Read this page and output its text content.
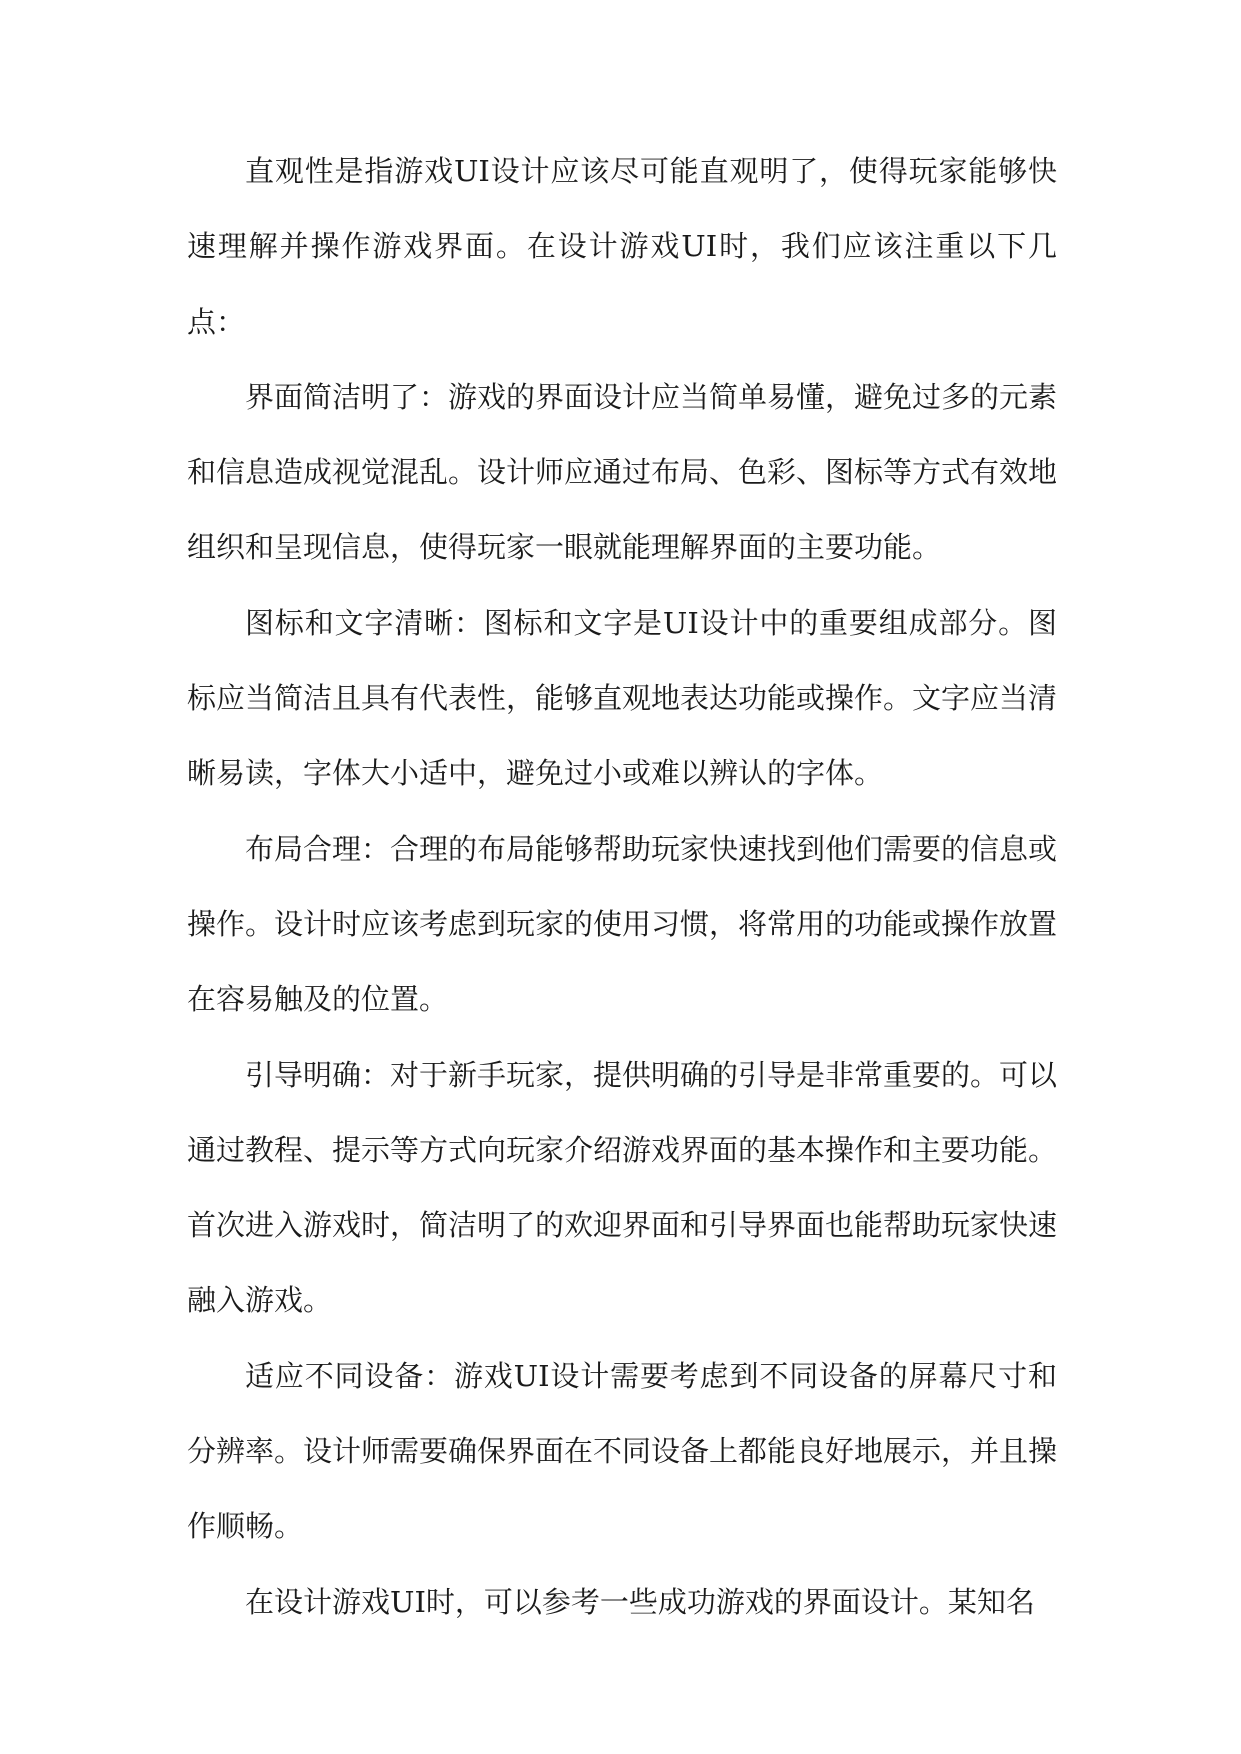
直观性是指游戏UI设计应该尽可能直观明了，使得玩家能够快速理解并操作游戏界面。在设计游戏UI时，我们应该注重以下几点：

界面简洁明了：游戏的界面设计应当简单易懂，避免过多的元素和信息造成视觉混乱。设计师应通过布局、色彩、图标等方式有效地组织和呈现信息，使得玩家一眼就能理解界面的主要功能。

图标和文字清晰：图标和文字是UI设计中的重要组成部分。图标应当简洁且具有代表性，能够直观地表达功能或操作。文字应当清晰易读，字体大小适中，避免过小或难以辨认的字体。

布局合理：合理的布局能够帮助玩家快速找到他们需要的信息或操作。设计时应该考虑到玩家的使用习惯，将常用的功能或操作放置在容易触及的位置。

引导明确：对于新手玩家，提供明确的引导是非常重要的。可以通过教程、提示等方式向玩家介绍游戏界面的基本操作和主要功能。首次进入游戏时，简洁明了的欢迎界面和引导界面也能帮助玩家快速融入游戏。

适应不同设备：游戏UI设计需要考虑到不同设备的屏幕尺寸和分辨率。设计师需要确保界面在不同设备上都能良好地展示，并且操作顺畅。

在设计游戏UI时，可以参考一些成功游戏的界面设计。某知名
